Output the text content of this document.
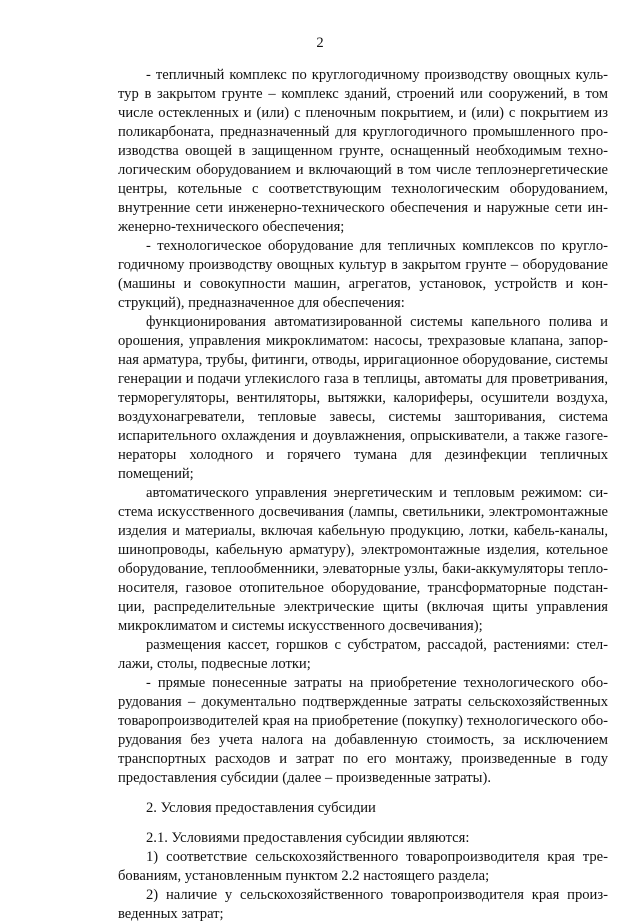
2

- тепличный комплекс по круглогодичному производству овощных культур в закрытом грунте – комплекс зданий, строений или сооружений, в том числе остекленных и (или) с пленочным покрытием, и (или) с покрытием из поликарбоната, предназначенный для круглогодичного промышленного производства овощей в защищенном грунте, оснащенный необходимым технологическим оборудованием и включающий в том числе теплоэнергетические центры, котельные с соответствующим технологическим оборудованием, внутренние сети инженерно-технического обеспечения и наружные сети инженерно-технического обеспечения;

- технологическое оборудование для тепличных комплексов по круглогодичному производству овощных культур в закрытом грунте – оборудование (машины и совокупности машин, агрегатов, установок, устройств и конструкций), предназначенное для обеспечения:

функционирования автоматизированной системы капельного полива и орошения, управления микроклиматом: насосы, трехразовые клапана, запорная арматура, трубы, фитинги, отводы, ирригационное оборудование, системы генерации и подачи углекислого газа в теплицы, автоматы для проветривания, терморегуляторы, вентиляторы, вытяжки, калориферы, осушители воздуха, воздухонагреватели, тепловые завесы, системы зашторивания, система испарительного охлаждения и доувлажнения, опрыскиватели, а также газогенераторы холодного и горячего тумана для дезинфекции тепличных помещений;

автоматического управления энергетическим и тепловым режимом: система искусственного досвечивания (лампы, светильники, электромонтажные изделия и материалы, включая кабельную продукцию, лотки, кабель-каналы, шинопроводы, кабельную арматуру), электромонтажные изделия, котельное оборудование, теплообменники, элеваторные узлы, баки-аккумуляторы теплоносителя, газовое отопительное оборудование, трансформаторные подстанции, распределительные электрические щиты (включая щиты управления микроклиматом и системы искусственного досвечивания);

размещения кассет, горшков с субстратом, рассадой, растениями: стеллажи, столы, подвесные лотки;

- прямые понесенные затраты на приобретение технологического оборудования – документально подтвержденные затраты сельскохозяйственных товаропроизводителей края на приобретение (покупку) технологического оборудования без учета налога на добавленную стоимость, за исключением транспортных расходов и затрат по его монтажу, произведенные в году предоставления субсидии (далее – произведенные затраты).

2. Условия предоставления субсидии

2.1. Условиями предоставления субсидии являются:

1) соответствие сельскохозяйственного товаропроизводителя края требованиям, установленным пунктом 2.2 настоящего раздела;

2) наличие у сельскохозяйственного товаропроизводителя края произведенных затрат;
